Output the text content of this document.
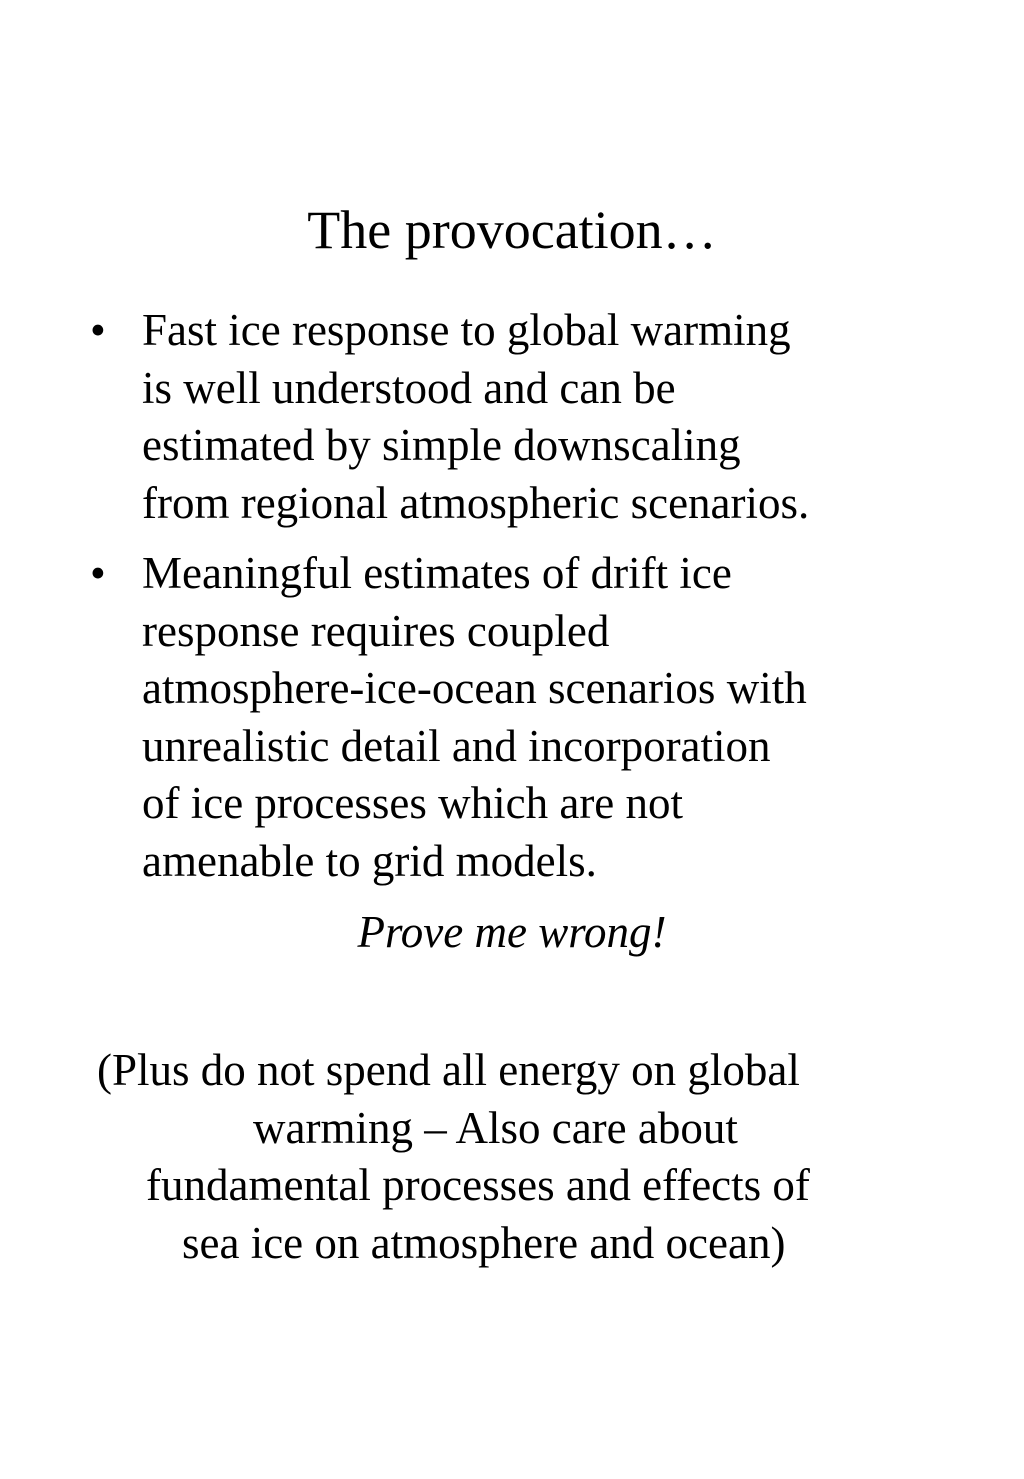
The provocation…
• Fast ice response to global warming
is well understood and can be
estimated by simple downscaling
from regional atmospheric scenarios.
• Meaningful estimates of drift ice
response requires coupled
atmosphere-ice-ocean scenarios with
unrealistic detail and incorporation
of ice processes which are not
amenable to grid models.

Prove me wrong!

(Plus do not spend all energy on global
warming – Also care about
fundamental processes and effects of
sea ice on atmosphere and ocean)
